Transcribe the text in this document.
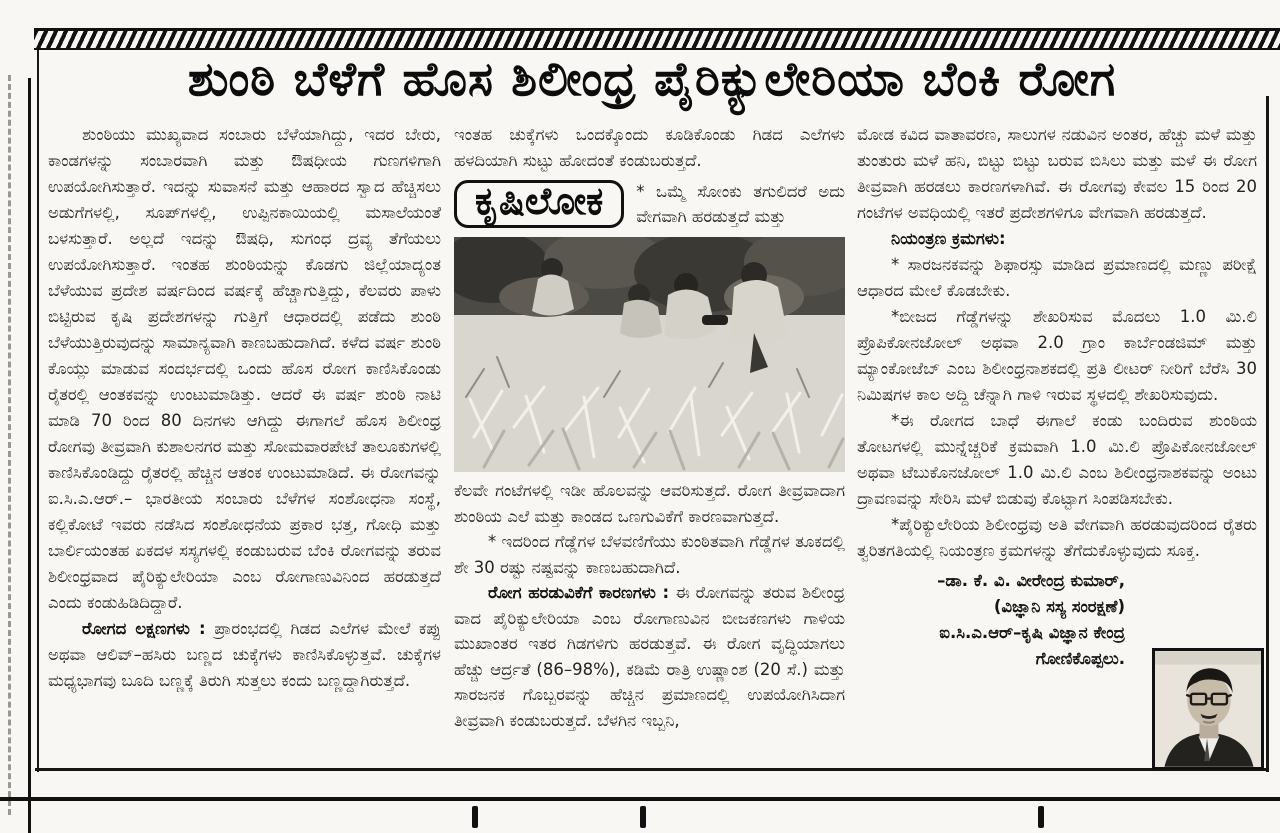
ಶುಂಠಿ ಬೆಳೆಗೆ ಹೊಸ ಶಿಲೀಂಧ್ರ ಪೈರಿಕ್ಯುಲೇರಿಯಾ ಬೆಂಕಿ ರೋಗ

ಶುಂಠಿಯು ಮುಖ್ಯವಾದ ಸಂಬಾರು ಬೆಳೆಯಾಗಿದ್ದು, ಇದರ ಬೇರು, ಕಾಂಡಗಳನ್ನು ಸಂಬಾರವಾಗಿ ಮತ್ತು ಔಷಧೀಯ ಗುಣಗಳಿಗಾಗಿ ಉಪಯೋಗಿಸುತ್ತಾರೆ. ಇದನ್ನು ಸುವಾಸನೆ ಮತ್ತು ಆಹಾರದ ಸ್ವಾದ ಹೆಚ್ಚಿಸಲು ಅಡುಗೆಗಳಲ್ಲಿ, ಸೂಪ್‌ಗಳಲ್ಲಿ, ಉಪ್ಪಿನಕಾಯಿಯಲ್ಲಿ ಮಸಾಲೆಯಂತೆ ಬಳಸುತ್ತಾರೆ. ಅಲ್ಲದೆ ಇದನ್ನು ಔಷಧಿ, ಸುಗಂಧ ದ್ರವ್ಯ ತೆಗೆಯಲು ಉಪಯೋಗಿಸುತ್ತಾರೆ. ಇಂತಹ ಶುಂಠಿಯನ್ನು ಕೊಡಗು ಜಿಲ್ಲೆಯಾದ್ಯಂತ ಬೆಳೆಯುವ ಪ್ರದೇಶ ವರ್ಷದಿಂದ ವರ್ಷಕ್ಕೆ ಹೆಚ್ಚಾಗುತ್ತಿದ್ದು, ಕೆಲವರು ಪಾಳು ಬಿಟ್ಟಿರುವ ಕೃಷಿ ಪ್ರದೇಶಗಳನ್ನು ಗುತ್ತಿಗೆ ಆಧಾರದಲ್ಲಿ ಪಡೆದು ಶುಂಠಿ ಬೆಳೆಯುತ್ತಿರುವುದನ್ನು ಸಾಮಾನ್ಯವಾಗಿ ಕಾಣಬಹುದಾಗಿದೆ. ಕಳೆದ ವರ್ಷ ಶುಂಠಿ ಕೊಯ್ಲು ಮಾಡುವ ಸಂದರ್ಭದಲ್ಲಿ ಒಂದು ಹೊಸ ರೋಗ ಕಾಣಿಸಿಕೊಂಡು ರೈತರಲ್ಲಿ ಆಂತಕವನ್ನು ಉಂಟುಮಾಡಿತ್ತು. ಆದರೆ ಈ ವರ್ಷ ಶುಂಠಿ ನಾಟಿ ಮಾಡಿ 70 ರಿಂದ 80 ದಿನಗಳು ಆಗಿದ್ದು ಈಗಾಗಲೆ ಹೊಸ ಶಿಲೀಂಧ್ರ ರೋಗವು ತೀವ್ರವಾಗಿ ಕುಶಾಲನಗರ ಮತ್ತು ಸೋಮವಾರಪೇಟೆ ತಾಲೂಕುಗಳಲ್ಲಿ ಕಾಣಿಸಿಕೊಂಡಿದ್ದು ರೈತರಲ್ಲಿ ಹೆಚ್ಚಿನ ಆತಂಕ ಉಂಟುಮಾಡಿದೆ. ಈ ರೋಗವನ್ನು ಐ.ಸಿ.ಎ.ಆರ್.– ಭಾರತೀಯ ಸಂಬಾರು ಬೆಳೆಗಳ ಸಂಶೋಧನಾ ಸಂಸ್ಥೆ, ಕಲ್ಲಿಕೋಟೆ ಇವರು ನಡೆಸಿದ ಸಂಶೋಧನೆಯ ಪ್ರಕಾರ ಭತ್ತ, ಗೋಧಿ ಮತ್ತು ಬಾರ್ಲಿಯಂತಹ ಏಕದಳ ಸಸ್ಯಗಳಲ್ಲಿ ಕಂಡುಬರುವ ಬೆಂಕಿ ರೋಗವನ್ನು ತರುವ ಶಿಲೀಂಧ್ರವಾದ ಪೈರಿಕ್ಯುಲೇರಿಯಾ ಎಂಬ ರೋಗಾಣುವಿನಿಂದ ಹರಡುತ್ತದೆ ಎಂದು ಕಂಡುಹಿಡಿದಿದ್ದಾರೆ.

ರೋಗದ ಲಕ್ಷಣಗಳು : ಪ್ರಾರಂಭದಲ್ಲಿ ಗಿಡದ ಎಲೆಗಳ ಮೇಲೆ ಕಪ್ಪು ಅಥವಾ ಆಲಿವ್–ಹಸಿರು ಬಣ್ಣದ ಚುಕ್ಕೆಗಳು ಕಾಣಿಸಿಕೊಳ್ಳುತ್ತವೆ. ಚುಕ್ಕೆಗಳ ಮಧ್ಯಭಾಗವು ಬೂದಿ ಬಣ್ಣಕ್ಕೆ ತಿರುಗಿ ಸುತ್ತಲು ಕಂದು ಬಣ್ಣದ್ದಾಗಿರುತ್ತದೆ.

ಇಂತಹ ಚುಕ್ಕೆಗಳು ಒಂದಕ್ಕೊಂದು ಕೂಡಿಕೊಂಡು ಗಿಡದ ಎಲೆಗಳು ಹಳದಿಯಾಗಿ ಸುಟ್ಟು ಹೋದಂತೆ ಕಂಡುಬರುತ್ತದೆ.

ಕೃಷಿಲೋಕ	* ಒಮ್ಮೆ ಸೋಂಕು ತಗುಲಿದರೆ ಅದು ವೇಗವಾಗಿ ಹರಡುತ್ತದೆ ಮತ್ತು

ಕೆಲವೇ ಗಂಟೆಗಳಲ್ಲಿ ಇಡೀ ಹೊಲವನ್ನು ಆವರಿಸುತ್ತದೆ. ರೋಗ ತೀವ್ರವಾದಾಗ ಶುಂಠಿಯ ಎಲೆ ಮತ್ತು ಕಾಂಡದ ಒಣಗುವಿಕೆಗೆ ಕಾರಣವಾಗುತ್ತದೆ.

* ಇದರಿಂದ ಗೆಡ್ಡೆಗಳ ಬೆಳವಣಿಗೆಯು ಕುಂಠಿತವಾಗಿ ಗೆಡ್ಡೆಗಳ ತೂಕದಲ್ಲಿ ಶೇ 30 ರಷ್ಟು ನಷ್ಟವನ್ನು ಕಾಣಬಹುದಾಗಿದೆ.

ರೋಗ ಹರಡುವಿಕೆಗೆ ಕಾರಣಗಳು : ಈ ರೋಗವನ್ನು ತರುವ ಶಿಲೀಂಧ್ರ ವಾದ ಪೈರಿಕ್ಯುಲೇರಿಯಾ ಎಂಬ ರೋಗಾಣುವಿನ ಬೀಜಕಣಗಳು ಗಾಳಿಯ ಮುಖಾಂತರ ಇತರ ಗಿಡಗಳಿಗು ಹರಡುತ್ತವೆ. ಈ ರೋಗ ವೃದ್ಧಿಯಾಗಲು ಹೆಚ್ಚು ಆರ್ದ್ರತೆ (86–98%), ಕಡಿಮೆ ರಾತ್ರಿ ಉಷ್ಣಾಂಶ (20 ಸೆ.) ಮತ್ತು ಸಾರಜನಕ ಗೊಬ್ಬರವನ್ನು ಹೆಚ್ಚಿನ ಪ್ರಮಾಣದಲ್ಲಿ ಉಪಯೋಗಿಸಿದಾಗ ತೀವ್ರವಾಗಿ ಕಂಡುಬರುತ್ತದೆ. ಬೆಳಗಿನ ಇಬ್ಬನಿ,

ಮೋಡ ಕವಿದ ವಾತಾವರಣ, ಸಾಲುಗಳ ನಡುವಿನ ಅಂತರ, ಹೆಚ್ಚು ಮಳೆ ಮತ್ತು ತುಂತುರು ಮಳೆ ಹನಿ, ಬಿಟ್ಟು ಬಿಟ್ಟು ಬರುವ ಬಿಸಿಲು ಮತ್ತು ಮಳೆ ಈ ರೋಗ ತೀವ್ರವಾಗಿ ಹರಡಲು ಕಾರಣಗಳಾಗಿವೆ. ಈ ರೋಗವು ಕೇವಲ 15 ರಿಂದ 20 ಗಂಟೆಗಳ ಅವಧಿಯಲ್ಲಿ ಇತರೆ ಪ್ರದೇಶಗಳಿಗೂ ವೇಗವಾಗಿ ಹರಡುತ್ತದೆ.

ನಿಯಂತ್ರಣ ಕ್ರಮಗಳು:

* ಸಾರಜನಕವನ್ನು ಶಿಫಾರಸ್ಸು ಮಾಡಿದ ಪ್ರಮಾಣದಲ್ಲಿ ಮಣ್ಣು ಪರೀಕ್ಷೆ ಆಧಾರದ ಮೇಲೆ ಕೊಡಬೇಕು.

*ಬೀಜದ ಗೆಡ್ಡೆಗಳನ್ನು ಶೇಖರಿಸುವ ಮೊದಲು 1.0 ಮಿ.ಲಿ ಪ್ರೊಪಿಕೋನಜೋಲ್ ಅಥವಾ 2.0 ಗ್ರಾಂ ಕಾರ್ಬೆಂಡಜಿಮ್ ಮತ್ತು ಮ್ಯಾಂಕೋಜೆಬ್ ಎಂಬ ಶಿಲೀಂಧ್ರನಾಶಕದಲ್ಲಿ ಪ್ರತಿ ಲೀಟರ್ ನೀರಿಗೆ ಬೆರೆಸಿ 30 ನಿಮಿಷಗಳ ಕಾಲ ಅದ್ದಿ ಚೆನ್ನಾಗಿ ಗಾಳಿ ಇರುವ ಸ್ಥಳದಲ್ಲಿ ಶೇಖರಿಸುವುದು.

*ಈ ರೋಗದ ಬಾಧೆ ಈಗಾಲೆ ಕಂಡು ಬಂದಿರುವ ಶುಂಠಿಯ ತೋಟಗಳಲ್ಲಿ ಮುನ್ನೆಚ್ಚರಿಕೆ ಕ್ರಮವಾಗಿ 1.0 ಮಿ.ಲಿ ಪ್ರೊಪಿಕೋನಜೋಲ್ ಅಥವಾ ಟೆಬುಕೊನಜೋಲ್ 1.0 ಮಿ.ಲಿ ಎಂಬ ಶಿಲೀಂಧ್ರನಾಶಕವನ್ನು ಅಂಟು ದ್ರಾವಣವನ್ನು ಸೇರಿಸಿ ಮಳೆ ಬಿಡುವು ಕೊಟ್ಟಾಗ ಸಿಂಪಡಿಸಬೇಕು.

*ಪೈರಿಕ್ಯುಲೇರಿಯ ಶಿಲೀಂಧ್ರವು ಅತಿ ವೇಗವಾಗಿ ಹರಡುವುದರಿಂದ ರೈತರು ತ್ವರಿತಗತಿಯಲ್ಲಿ ನಿಯಂತ್ರಣ ಕ್ರಮಗಳನ್ನು ತೆಗೆದುಕೊಳ್ಳುವುದು ಸೂಕ್ತ.

–ಡಾ. ಕೆ. ವಿ. ವೀರೇಂದ್ರ ಕುಮಾರ್,
(ವಿಜ್ಞಾನಿ ಸಸ್ಯ ಸಂರಕ್ಷಣೆ)
ಐ.ಸಿ.ಎ.ಆರ್–ಕೃಷಿ ವಿಜ್ಞಾನ ಕೇಂದ್ರ
ಗೋಣಿಕೊಪ್ಪಲು.
